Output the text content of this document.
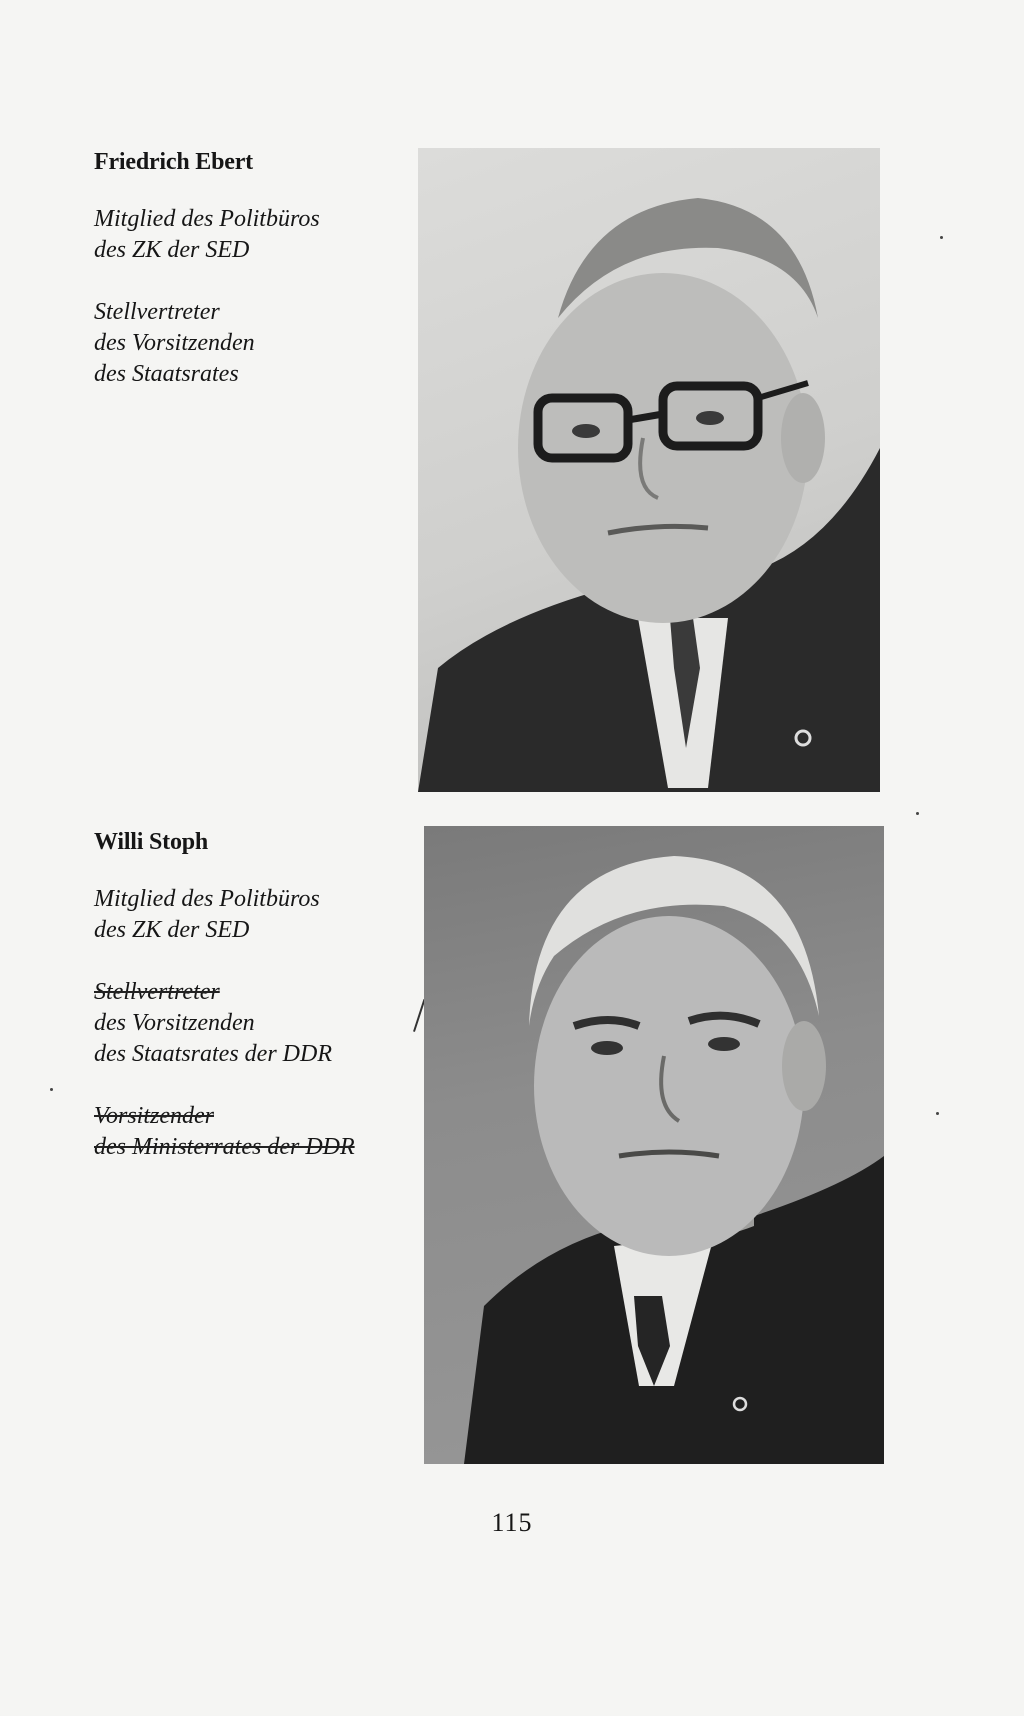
Friedrich Ebert
Mitglied des Politbüros
des ZK der SED
Stellvertreter
des Vorsitzenden
des Staatsrates
Willi Stoph
Mitglied des Politbüros
des ZK der SED
Stellvertreter
des Vorsitzenden
des Staatsrates der DDR
Vorsitzender
des Ministerrates der DDR
115
